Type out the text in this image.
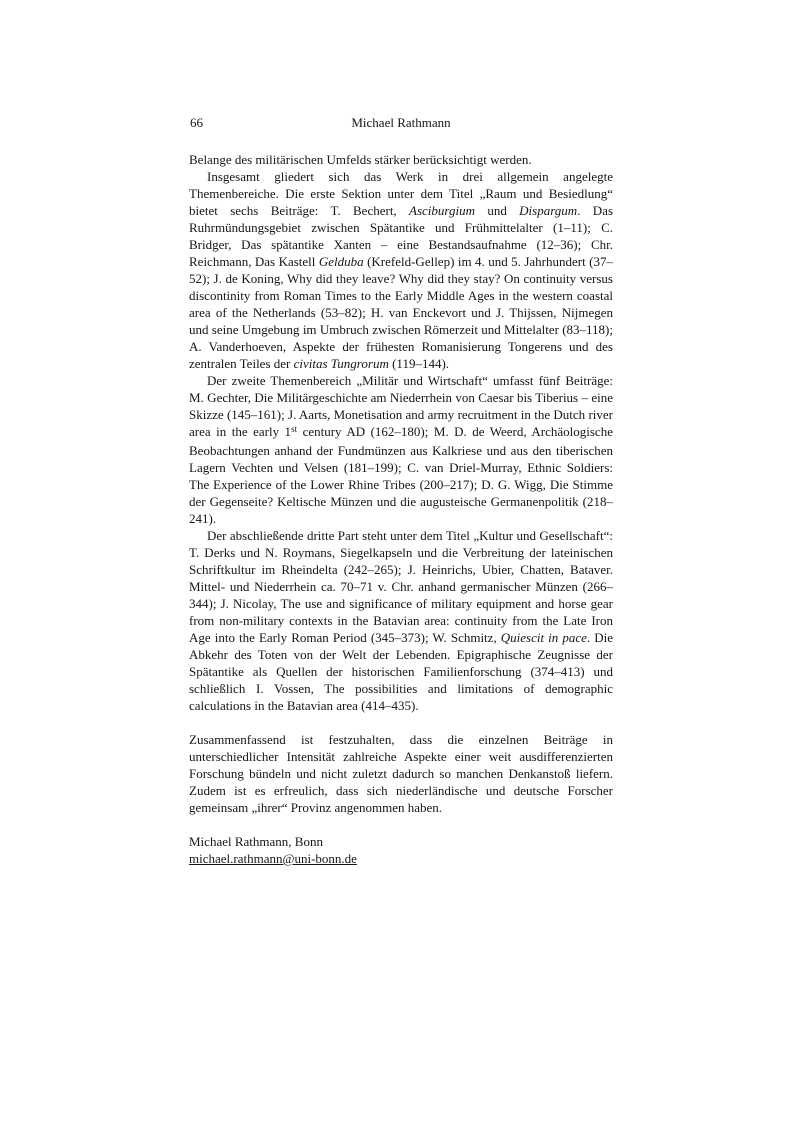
66	Michael Rathmann

Belange des militärischen Umfelds stärker berücksichtigt werden.

Insgesamt gliedert sich das Werk in drei allgemein angelegte Themenbereiche. Die erste Sektion unter dem Titel „Raum und Besiedlung“ bietet sechs Beiträge: T. Bechert, Asciburgium und Dispargum. Das Ruhrmündungsgebiet zwischen Spätantike und Frühmittelalter (1–11); C. Bridger, Das spätantike Xanten – eine Bestandsaufnahme (12–36); Chr. Reichmann, Das Kastell Gelduba (Krefeld-Gellep) im 4. und 5. Jahrhundert (37–52); J. de Koning, Why did they leave? Why did they stay? On continuity versus discontinity from Roman Times to the Early Middle Ages in the western coastal area of the Netherlands (53–82); H. van Enckevort und J. Thijssen, Nijmegen und seine Umgebung im Umbruch zwischen Römerzeit und Mittelalter (83–118); A. Vanderhoeven, Aspekte der frühesten Romanisierung Tongerens und des zentralen Teiles der civitas Tungrorum (119–144).

Der zweite Themenbereich „Militär und Wirtschaft“ umfasst fünf Beiträge: M. Gechter, Die Militärgeschichte am Niederrhein von Caesar bis Tiberius – eine Skizze (145–161); J. Aarts, Monetisation and army recruitment in the Dutch river area in the early 1st century AD (162–180); M. D. de Weerd, Archäologische Beobachtungen anhand der Fundmünzen aus Kalkriese und aus den tiberischen Lagern Vechten und Velsen (181–199); C. van Driel-Murray, Ethnic Soldiers: The Experience of the Lower Rhine Tribes (200–217); D. G. Wigg, Die Stimme der Gegenseite? Keltische Münzen und die augusteische Germanenpolitik (218–241).

Der abschließende dritte Part steht unter dem Titel „Kultur und Gesellschaft“: T. Derks und N. Roymans, Siegelkapseln und die Verbreitung der lateinischen Schriftkultur im Rheindelta (242–265); J. Heinrichs, Ubier, Chatten, Bataver. Mittel- und Niederrhein ca. 70–71 v. Chr. anhand germanischer Münzen (266–344); J. Nicolay, The use and significance of military equipment and horse gear from non-military contexts in the Batavian area: continuity from the Late Iron Age into the Early Roman Period (345–373); W. Schmitz, Quiescit in pace. Die Abkehr des Toten von der Welt der Lebenden. Epigraphische Zeugnisse der Spätantike als Quellen der historischen Familienforschung (374–413) und schließlich I. Vossen, The possibilities and limitations of demographic calculations in the Batavian area (414–435).

Zusammenfassend ist festzuhalten, dass die einzelnen Beiträge in unterschiedlicher Intensität zahlreiche Aspekte einer weit ausdifferenzierten Forschung bündeln und nicht zuletzt dadurch so manchen Denkanstoß liefern. Zudem ist es erfreulich, dass sich niederländische und deutsche Forscher gemeinsam „ihrer“ Provinz angenommen haben.

Michael Rathmann, Bonn
michael.rathmann@uni-bonn.de
